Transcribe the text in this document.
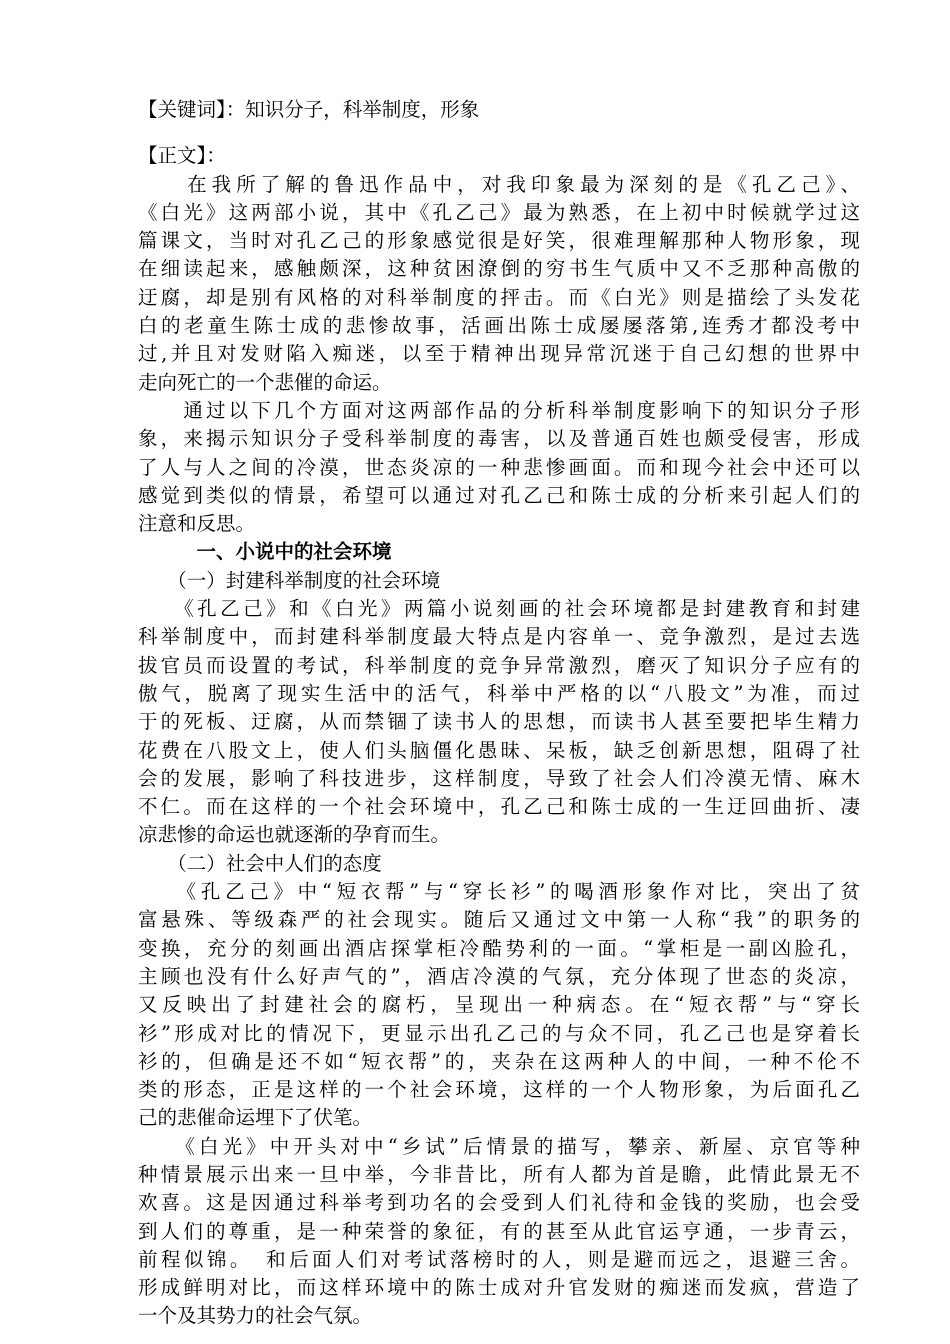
【关键词】：知识分子，科举制度，形象

【正文】：

　　在我所了解的鲁迅作品中，对我印象最为深刻的是《孔乙己》、

《白光》这两部小说，其中《孔乙己》最为熟悉，在上初中时候就学过这

篇课文，当时对孔乙己的形象感觉很是好笑，很难理解那种人物形象，现

在细读起来，感触颇深，这种贫困潦倒的穷书生气质中又不乏那种高傲的

迂腐，却是别有风格的对科举制度的抨击。而《白光》则是描绘了头发花

白的老童生陈士成的悲惨故事，活画出陈士成屡屡落第,连秀才都没考中

过,并且对发财陷入痴迷，以至于精神出现异常沉迷于自己幻想的世界中

走向死亡的一个悲催的命运。

　　通过以下几个方面对这两部作品的分析科举制度影响下的知识分子形

象，来揭示知识分子受科举制度的毒害，以及普通百姓也颇受侵害，形成

了人与人之间的冷漠，世态炎凉的一种悲惨画面。而和现今社会中还可以

感觉到类似的情景，希望可以通过对孔乙己和陈士成的分析来引起人们的

注意和反思。

　　　一、小说中的社会环境

　　（一）封建科举制度的社会环境

　　《孔乙己》和《白光》两篇小说刻画的社会环境都是封建教育和封建

科举制度中，而封建科举制度最大特点是内容单一、竞争激烈，是过去选

拔官员而设置的考试，科举制度的竞争异常激烈，磨灭了知识分子应有的

傲气，脱离了现实生活中的活气，科举中严格的以“八股文”为准，而过

于的死板、迂腐，从而禁锢了读书人的思想，而读书人甚至要把毕生精力

花费在八股文上，使人们头脑僵化愚昧、呆板，缺乏创新思想，阻碍了社

会的发展，影响了科技进步，这样制度，导致了社会人们冷漠无情、麻木

不仁。而在这样的一个社会环境中，孔乙己和陈士成的一生迂回曲折、凄

凉悲惨的命运也就逐渐的孕育而生。

　　（二）社会中人们的态度

　　《孔乙己》中“短衣帮”与“穿长衫”的喝酒形象作对比，突出了贫

富悬殊、等级森严的社会现实。随后又通过文中第一人称“我”的职务的

变换，充分的刻画出酒店探掌柜冷酷势利的一面。“掌柜是一副凶脸孔，

主顾也没有什么好声气的”，酒店冷漠的气氛，充分体现了世态的炎凉，

又反映出了封建社会的腐朽，呈现出一种病态。在“短衣帮”与“穿长

衫”形成对比的情况下，更显示出孔乙己的与众不同，孔乙己也是穿着长

衫的，但确是还不如“短衣帮”的，夹杂在这两种人的中间，一种不伦不

类的形态，正是这样的一个社会环境，这样的一个人物形象，为后面孔乙

己的悲催命运埋下了伏笔。

　　《白光》中开头对中“乡试”后情景的描写，攀亲、新屋、京官等种

种情景展示出来一旦中举，今非昔比，所有人都为首是瞻，此情此景无不

欢喜。这是因通过科举考到功名的会受到人们礼待和金钱的奖励，也会受

到人们的尊重，是一种荣誉的象征，有的甚至从此官运亨通，一步青云，

前程似锦。　和后面人们对考试落榜时的人，则是避而远之，退避三舍。

形成鲜明对比，而这样环境中的陈士成对升官发财的痴迷而发疯，营造了

一个及其势力的社会气氛。
